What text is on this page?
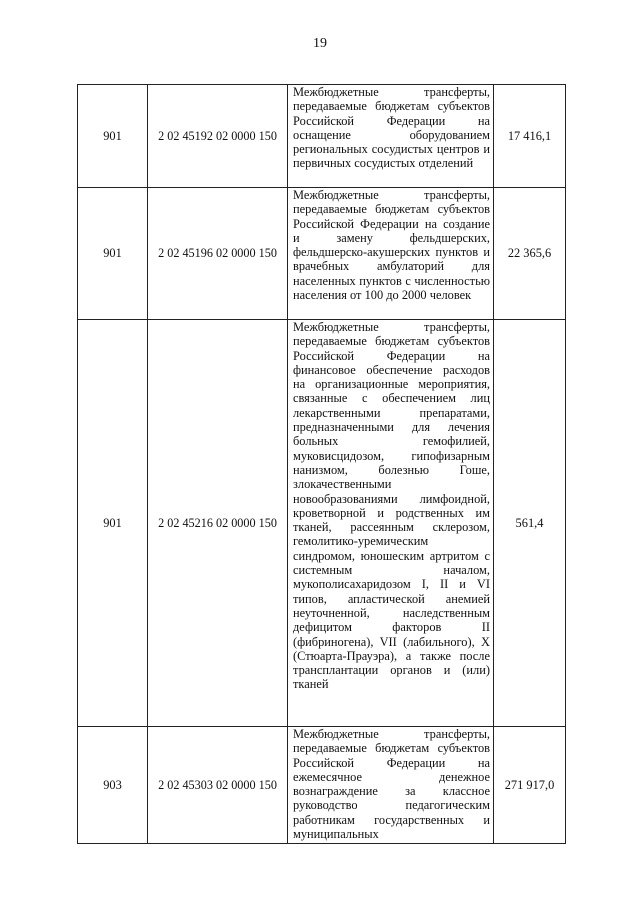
19
901	2 02 45192 02 0000 150	Межбюджетные трансферты, передаваемые бюджетам субъектов Российской Федерации на оснащение оборудованием региональных сосудистых центров и первичных сосудистых отделений	17 416,1
901	2 02 45196 02 0000 150	Межбюджетные трансферты, передаваемые бюджетам субъектов Российской Федерации на создание и замену фельдшерских, фельдшерско-акушерских пунктов и врачебных амбулаторий для населенных пунктов с численностью населения от 100 до 2000 человек	22 365,6
901	2 02 45216 02 0000 150	Межбюджетные трансферты, передаваемые бюджетам субъектов Российской Федерации на финансовое обеспечение расходов на организационные мероприятия, связанные с обеспечением лиц лекарственными препаратами, предназначенными для лечения больных гемофилией, муковисцидозом, гипофизарным нанизмом, болезнью Гоше, злокачественными новообразованиями лимфоидной, кроветворной и родственных им тканей, рассеянным склерозом, гемолитико-уремическим синдромом, юношеским артритом с системным началом, мукополисахаридозом I, II и VI типов, апластической анемией неуточненной, наследственным дефицитом факторов II (фибриногена), VII (лабильного), X (Стюарта-Прауэра), а также после трансплантации органов и (или) тканей	561,4
903	2 02 45303 02 0000 150	Межбюджетные трансферты, передаваемые бюджетам субъектов Российской Федерации на ежемесячное денежное вознаграждение за классное руководство педагогическим работникам государственных и муниципальных	271 917,0
